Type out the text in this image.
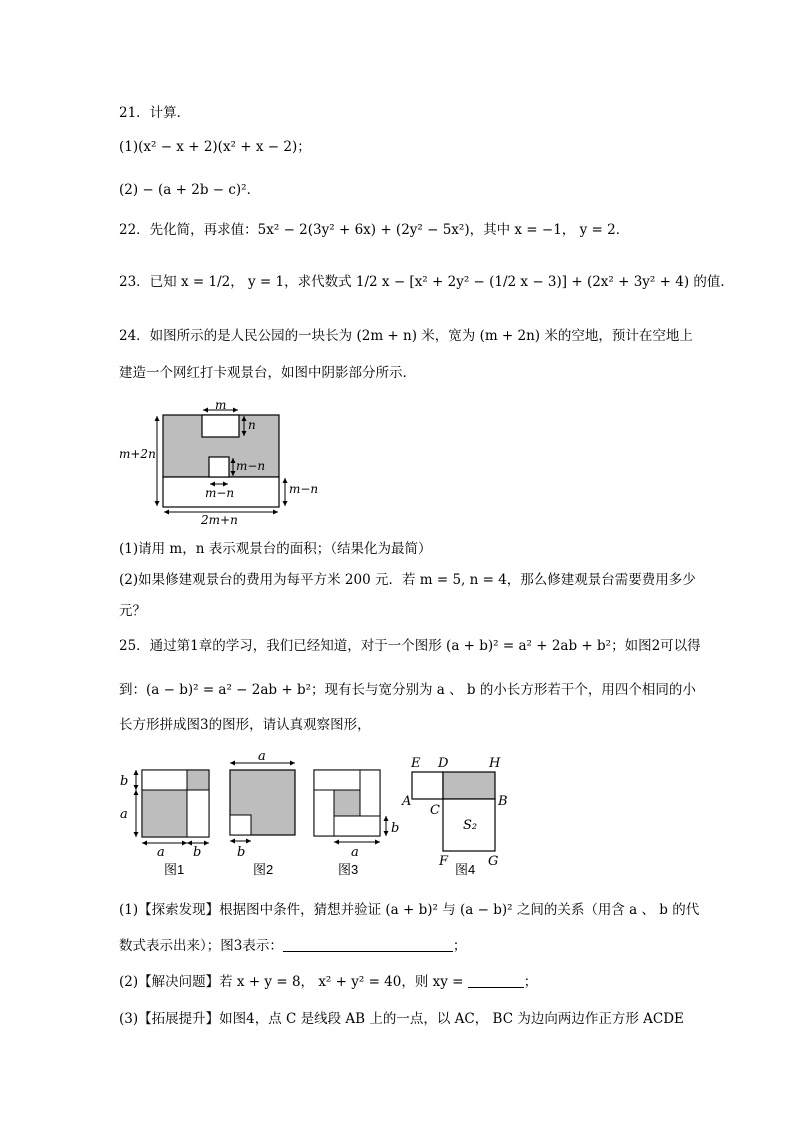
21．计算．
(1)(x² − x + 2)(x² + x − 2)；
(2) − (a + 2b − c)²．
22．先化简，再求值：5x² − 2(3y² + 6x) + (2y² − 5x²)，其中 x = −1， y = 2．
23．已知 x = 1/2， y = 1，求代数式 1/2 x − [x² + 2y² − (1/2 x − 3)] + (2x² + 3y² + 4) 的值．
24．如图所示的是人民公园的一块长为 (2m + n) 米，宽为 (m + 2n) 米的空地，预计在空地上
建造一个网红打卡观景台，如图中阴影部分所示．
m
n
m−n
m−n	m−n
m+2n
2m+n
(1)请用 m，n 表示观景台的面积；（结果化为最简）
(2)如果修建观景台的费用为每平方米 200 元．若 m = 5, n = 4，那么修建观景台需要费用多少
元？
25．通过第1章的学习，我们已经知道，对于一个图形 (a + b)² = a² + 2ab + b²；如图2可以得
到：(a − b)² = a² − 2ab + b²；现有长与宽分别为 a 、 b 的小长方形若干个，用四个相同的小
长方形拼成图3的图形，请认真观察图形，
b
a
a b
图1
a
b
图2
a
b
图3
E D	H
A	B
C
S₂
F	G
图4
(1)【探索发现】根据图中条件，猜想并验证 (a + b)² 与 (a − b)² 之间的关系（用含 a 、 b 的代
数式表示出来）；图3表示：	；
(2)【解决问题】若 x + y = 8， x² + y² = 40，则 xy =	；
(3)【拓展提升】如图4，点 C 是线段 AB 上的一点，以 AC， BC 为边向两边作正方形 ACDE
